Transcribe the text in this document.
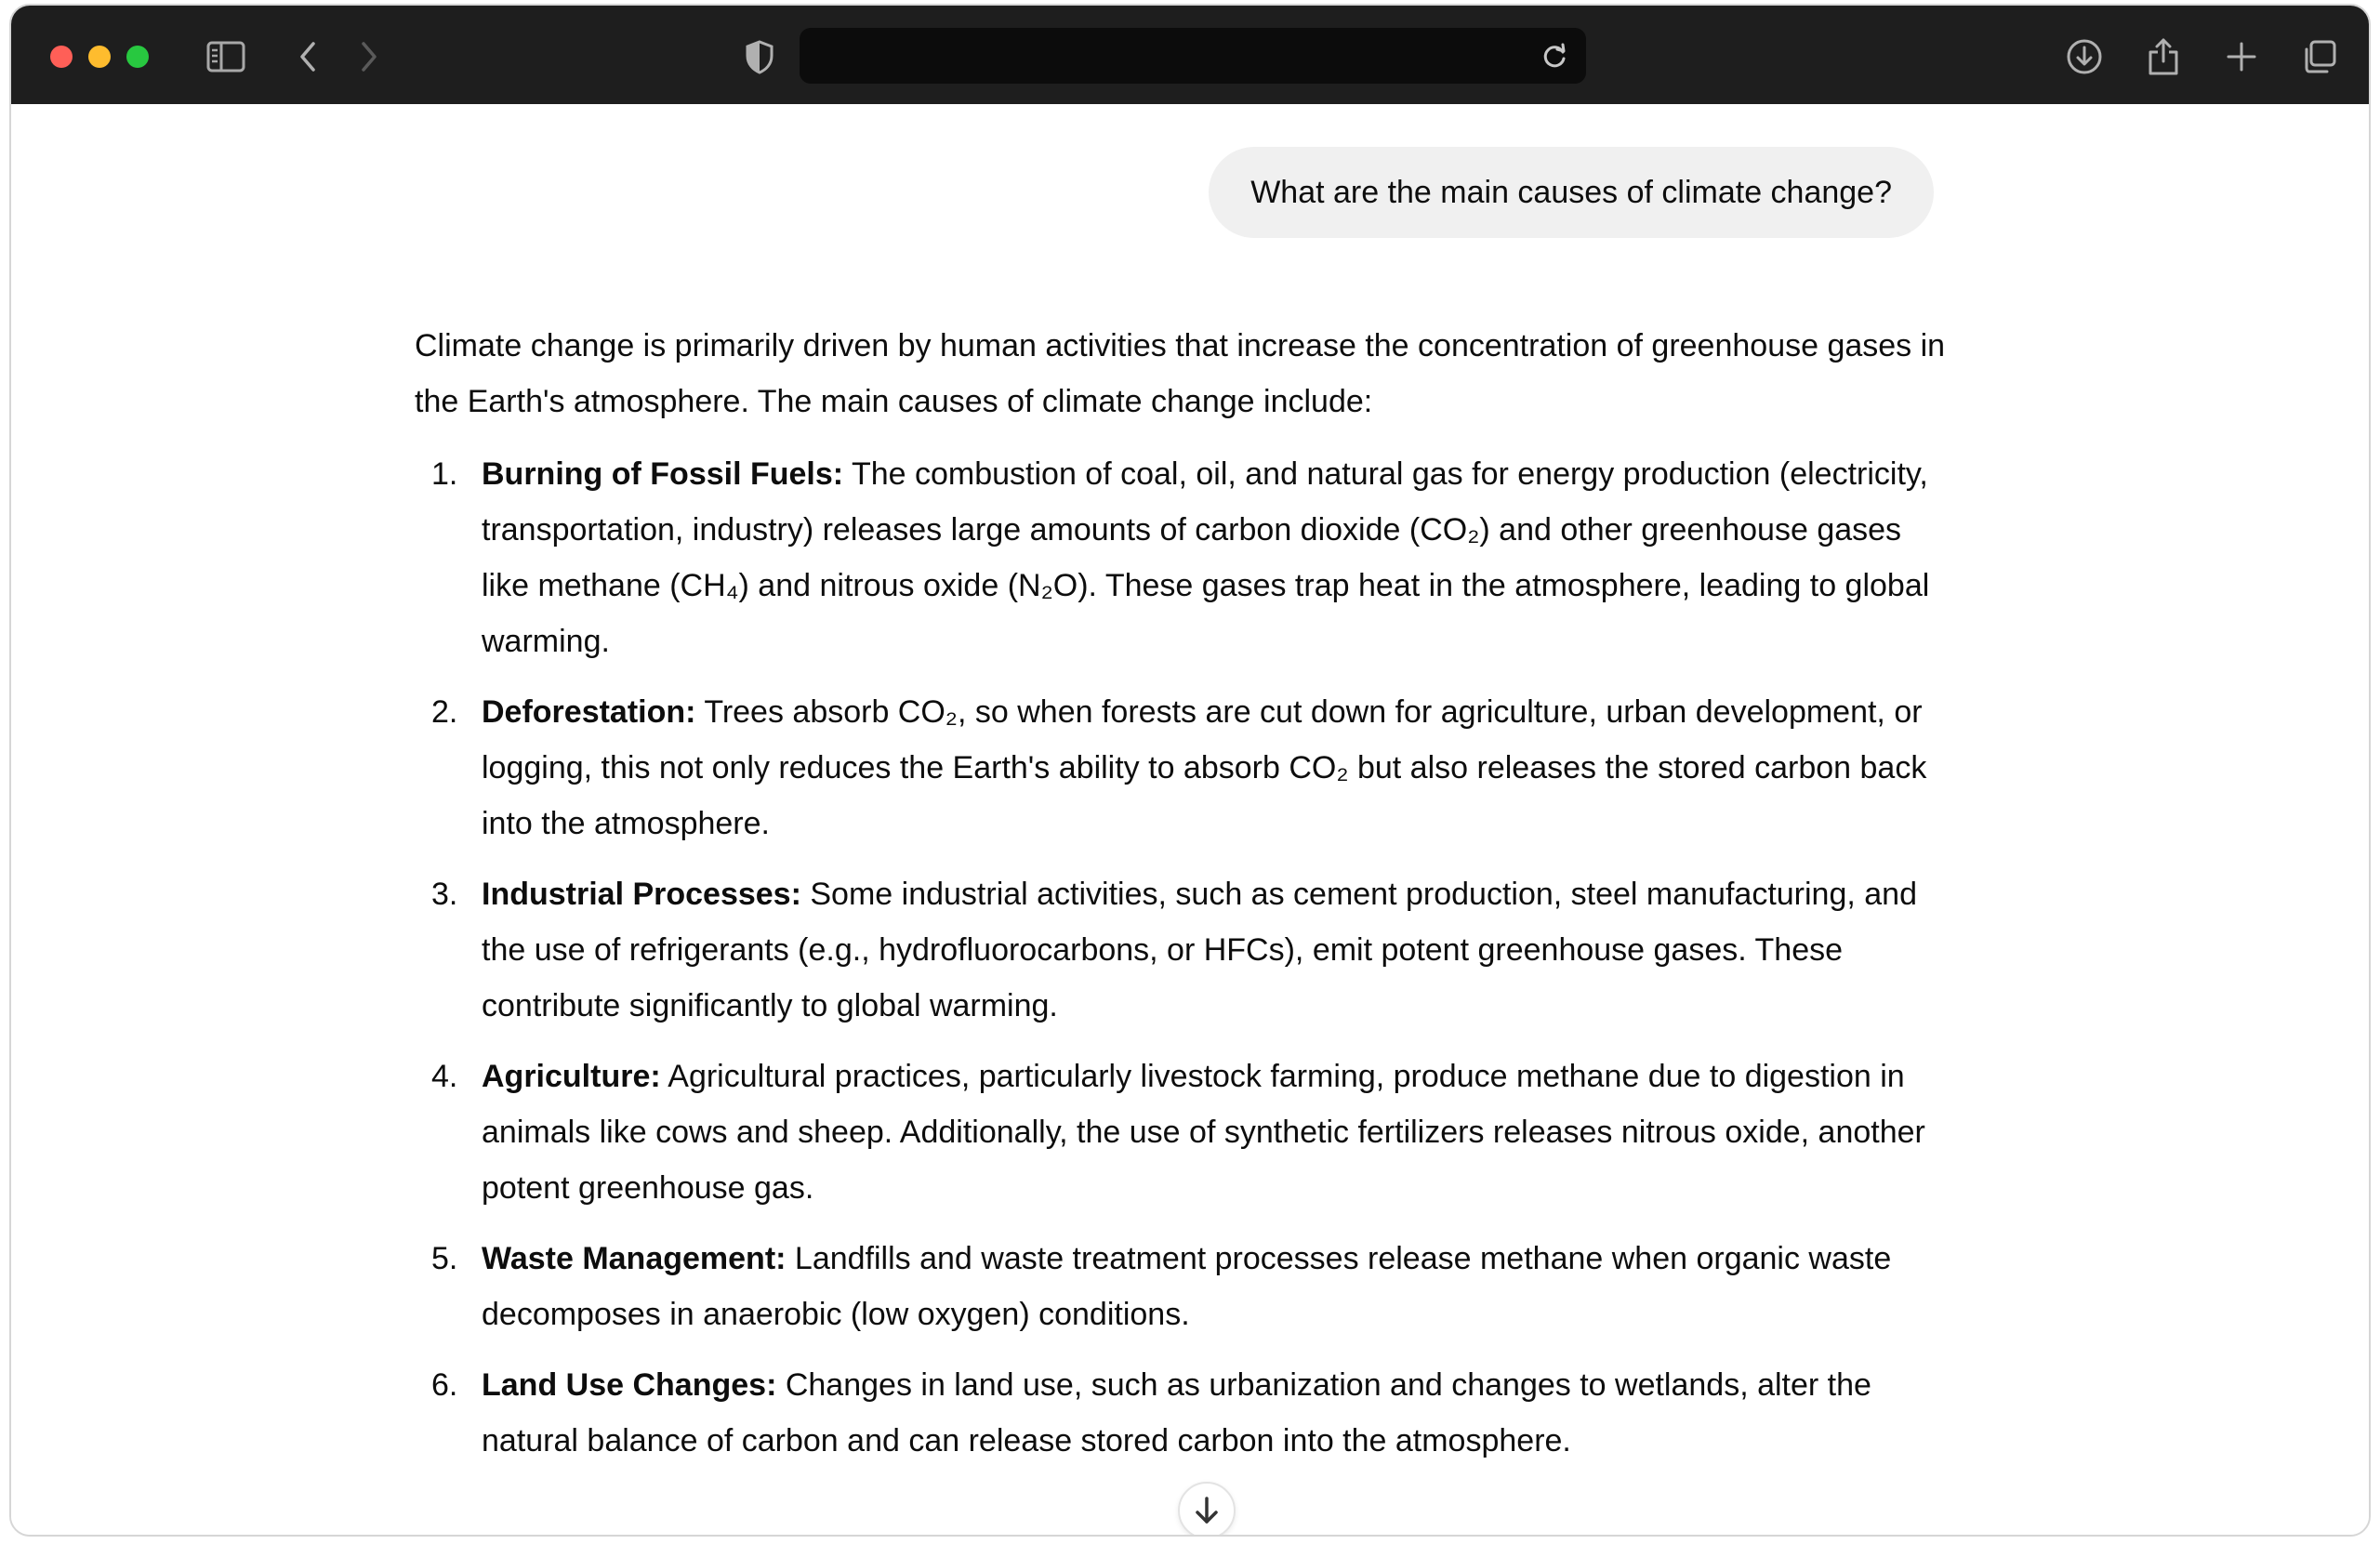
What are the main causes of climate change?

Climate change is primarily driven by human activities that increase the concentration of greenhouse gases in the Earth's atmosphere. The main causes of climate change include:

1. Burning of Fossil Fuels: The combustion of coal, oil, and natural gas for energy production (electricity, transportation, industry) releases large amounts of carbon dioxide (CO₂) and other greenhouse gases like methane (CH₄) and nitrous oxide (N₂O). These gases trap heat in the atmosphere, leading to global warming.
2. Deforestation: Trees absorb CO₂, so when forests are cut down for agriculture, urban development, or logging, this not only reduces the Earth's ability to absorb CO₂ but also releases the stored carbon back into the atmosphere.
3. Industrial Processes: Some industrial activities, such as cement production, steel manufacturing, and the use of refrigerants (e.g., hydrofluorocarbons, or HFCs), emit potent greenhouse gases. These contribute significantly to global warming.
4. Agriculture: Agricultural practices, particularly livestock farming, produce methane due to digestion in animals like cows and sheep. Additionally, the use of synthetic fertilizers releases nitrous oxide, another potent greenhouse gas.
5. Waste Management: Landfills and waste treatment processes release methane when organic waste decomposes in anaerobic (low oxygen) conditions.
6. Land Use Changes: Changes in land use, such as urbanization and changes to wetlands, alter the natural balance of carbon and can release stored carbon into the atmosphere.
